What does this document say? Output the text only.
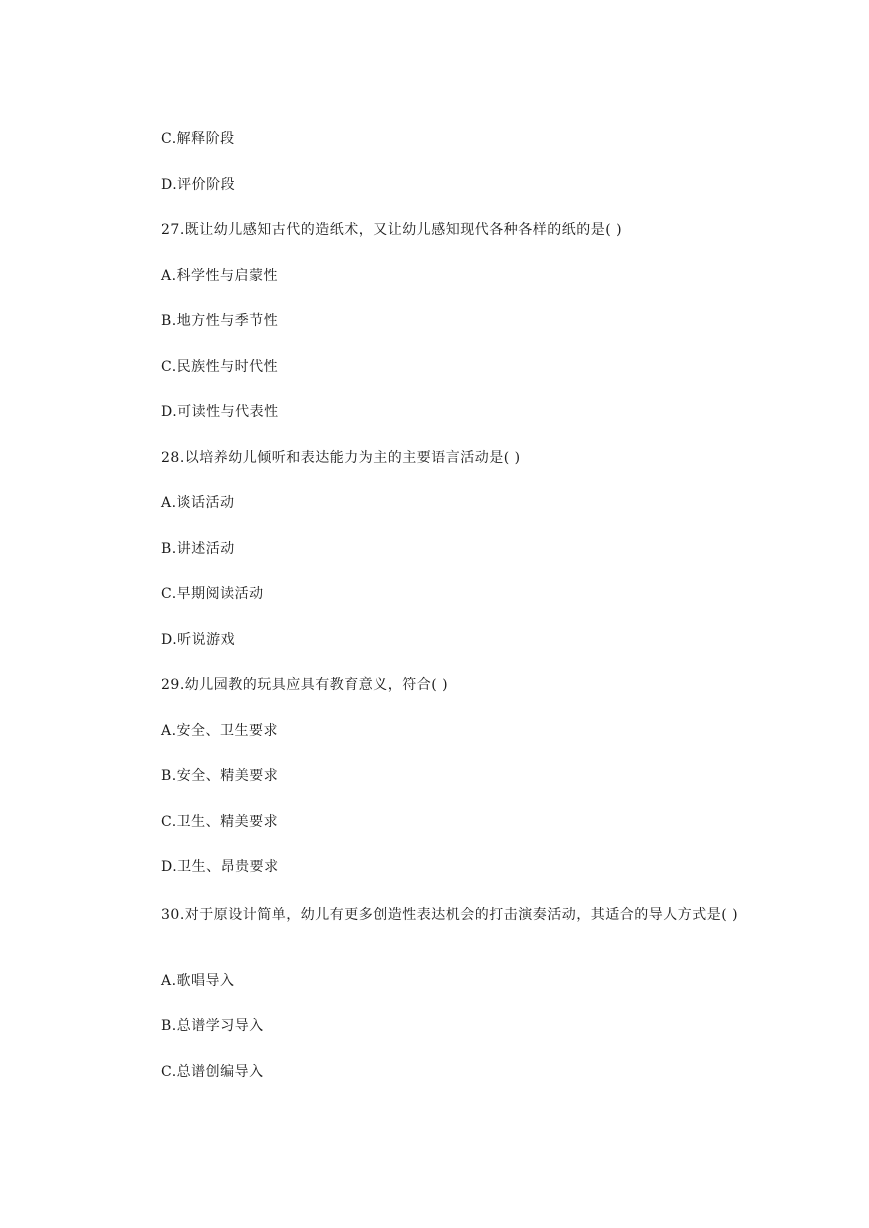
C.解释阶段
D.评价阶段
27.既让幼儿感知古代的造纸术，又让幼儿感知现代各种各样的纸的是( )
A.科学性与启蒙性
B.地方性与季节性
C.民族性与时代性
D.可读性与代表性
28.以培养幼儿倾听和表达能力为主的主要语言活动是( )
A.谈话活动
B.讲述活动
C.早期阅读活动
D.听说游戏
29.幼儿园教的玩具应具有教育意义，符合( )
A.安全、卫生要求
B.安全、精美要求
C.卫生、精美要求
D.卫生、昂贵要求
30.对于原设计简单，幼儿有更多创造性表达机会的打击演奏活动，其适合的导人方式是( )
A.歌唱导入
B.总谱学习导入
C.总谱创编导入
